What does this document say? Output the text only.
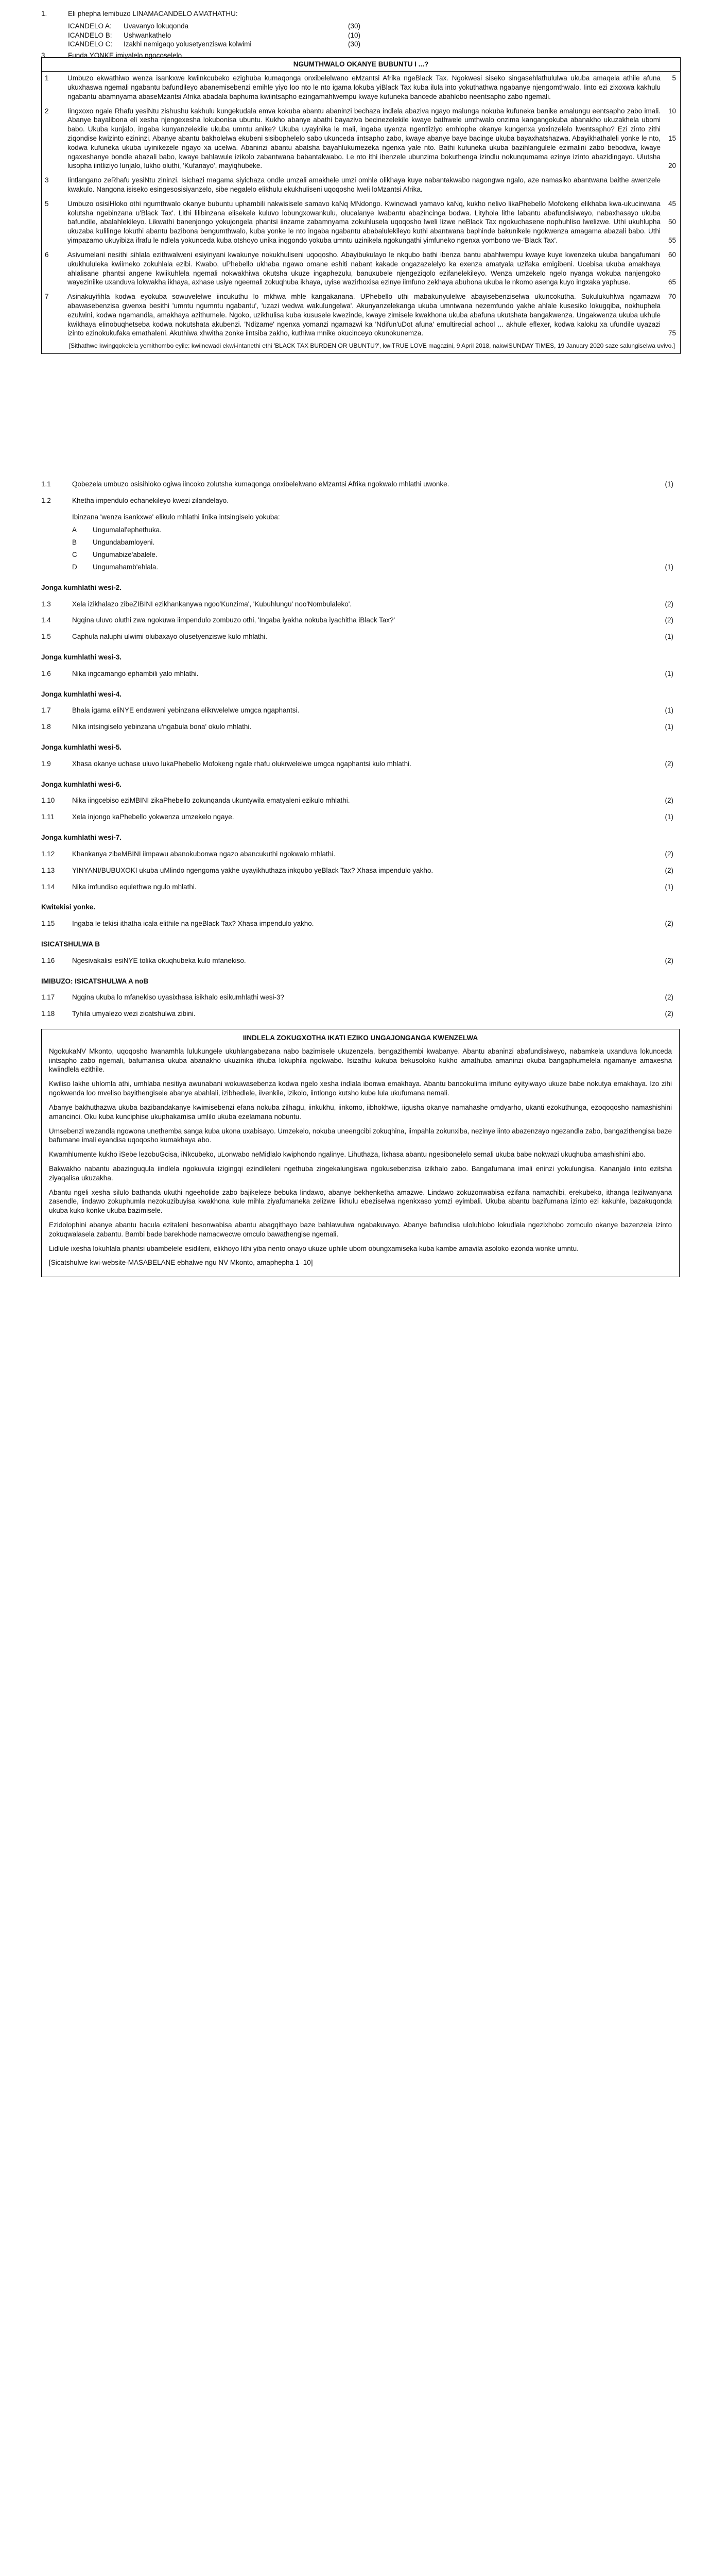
1.	Eli phepha lemibuzo LINAMACANDELO AMATHATHU:
ICANDELO A:	Uvavanyo lokuqonda	(30)
ICANDELO B:	Ushwankathelo	(10)
ICANDELO C:	Izakhi nemigaqo yolusetyenziswa kolwimi	(30)
3.	Funda YONKE imiyalelo ngocoselelo.
NGUMTHWALO OKANYE BUBUNTU I ...?
1	Umbuzo ekwathiwo wenza isankxwe kwiinkcubeko ezighuba kumaqonga onxibelelwano eMzantsi Afrika ngeBlack Tax. Ngokwesi siseko singasehlathululwa ukuba amaqela athile afuna ukuxhaswa ngemali ngabantu bafundileyo abanemisebenzi emihle yiyo loo nto le nto igama lokuba yiBlack Tax kuba ilula into yokuthathwa ngabanye njengomthwalo. Iinto ezi zixoxwa kakhulu ngabantu abamnyama abaseMzantsi Afrika abadala baphuma kwiintsapho ezingamahlwempu kwaye kufuneka bancede abahlobo neentsapho zabo ngemali.
5
2	Iingxoxo ngale Rhafu yesiNtu zishushu kakhulu kungekudala emva kokuba abantu abaninzi bechaza indlela abaziva ngayo malunga nokuba kufuneka banike amalungu eentsapho zabo imali. Abanye bayalibona eli xesha njengexesha lokubonisa ubuntu. Kukho abanye abathi bayaziva becinezelekile kwaye bathwele umthwalo onzima kangangokuba abanakho ukuzakhela ubomi babo. Ukuba kunjalo, ingaba kunyanzelekile ukuba umntu anike? Ukuba uyayinika le mali, ingaba uyenza ngentliziyo emhlophe okanye kungenxa yoxinzelelo lwentsapho? Ezi zinto zithi ziqondise kwizinto ezininzi. Abanye abantu bakholelwa ekubeni sisibophelelo sabo ukunceda iintsapho zabo, kwaye abanye baye bacinge ukuba bayaxhatshazwa. Abayikhathaleli yonke le nto, kodwa kufuneka ukuba uyinikezele ngayo xa ucelwa. Abaninzi abantu abatsha bayahlukumezeka ngenxa yale nto. Bathi kufuneka ukuba bazihlangulele ezimalini zabo bebodwa, kwaye ngaxeshanye bondle abazali babo, kwaye bahlawule izikolo zabantwana babantakwabo. Le nto ithi ibenzele ubunzima bokuthenga izindlu nokunqumama ezinye izinto abazidingayo. Ulutsha lusopha iintliziyo lunjalo, lukho oluthi, 'Kufanayo', mayiqhubeke.
10
15
20
3	Iintlangano zeRhafu yesiNtu zininzi. Isichazi magama siyichaza ondle umzali amakhele umzi omhle olikhaya kuye nabantakwabo nagongwa ngalo, aze namasiko abantwana baithe awenzele kwakulo. Nangona isiseko esingesosisiyanzelo, sibe negalelo elikhulu ekukhuliseni uqoqosho lweli loMzantsi Afrika.
5	Umbuzo osisiHloko othi ngumthwalo okanye bubuntu uphambili nakwisisele samavo kaNq MNdongo. Kwincwadi yamavo kaNq, kukho nelivo likaPhebello Mofokeng elikhaba kwa-ukucinwana kolutsha ngebinzana u'Black Tax'. Lithi lilibinzana elisekele kuluvo lobungxowankulu, olucalanye lwabantu abazincinga bodwa. Lityhola lithe labantu abafundisiweyo, nabaxhasayo ukuba bafundile, abalahlekileyo. Likwathi banenjongo yokujongela phantsi iinzame zabamnyama zokuhlusela uqoqosho lweli lizwe neBlack Tax ngokuchasene nophuhliso lwelizwe. Uthi ukuhlupha ukuzaba kulilinge lokuthi abantu bazibona bengumthwalo, kuba yonke le nto ingaba ngabantu ababalulekileyo kuthi abantwana baphinde bakunikele ngokwenza amagama abazali babo. Uthi yimpazamo ukuyibiza ifrafu le ndlela yokunceda kuba otshoyo unika inqgondo yokuba umntu uzinikela ngokungathi yimfuneko ngenxa yombono we-'Black Tax'.
45
50
55
6	Asivumelani nesithi sihlala ezithwalweni esiyinyani kwakunye nokukhuliseni uqoqosho. Abayibukulayo le nkqubo bathi ibenza bantu abahlwempu kwaye kuye kwenzeka ukuba bangafumani ukukhululeka kwiimeko zokuhlala ezibi. Kwabo, uPhebello ukhaba ngawo omane eshiti nabant kakade ongazazelelyo ka exenza amatyala uzifaka emigibeni. Ucebisa ukuba amakhaya ahlalisane phantsi angene kwiikuhlela ngemali nokwakhiwa okutsha ukuze ingaphezulu, banuxubele njengeziqolo ezifanelekileyo. Wenza umzekelo ngelo nyanga wokuba nanjengoko wayeziniike uxanduva lokwakha ikhaya, axhase usiye ngeemali zokuqhuba ikhaya, uyise wazirhoxisa ezinye iimfuno zekhaya abuhona ukuba le nkomo asenga kuyo ingxaka yaphuse.
60
65
7	Asinakuyifihla kodwa eyokuba sowuvelelwe iincukuthu lo mkhwa mhle kangakanana. UPhebello uthi mabakunyulelwe abayisebenziselwa ukuncokutha. Sukulukuhlwa ngamazwi abawasebenzisa gwenxa besithi 'umntu ngumntu ngabantu', 'uzazi wedwa wakulungelwa'. Akunyanzelekanga ukuba umntwana nezemfundo yakhe ahlale kusesiko lokugqiba, nokhuphela ezulwini, kodwa ngamandla, amakhaya azithumele. Ngoko, uzikhulisa kuba kususele kwezinde, kwaye zimisele kwakhona ukuba abafuna ukutshata bangakwenza. Ungakwenza ukuba ukhule kwikhaya elinobuqhetseba kodwa nokutshata akubenzi. 'Ndizame' ngenxa yomanzi ngamazwi ka 'Ndifun'uDot afuna' emultirecial achool ... akhule eflexer, kodwa kaloku xa ufundile uyazazi izinto ezinokukufaka emathaleni. Akuthiwa xhwitha zonke iintsiba zakho, kuthiwa mnike okucinceyo okunokunemza.
70
75
[Sithathwe kwingqokelela yemithombo eyile: kwiincwadi ekwi-intanethi ethi 'BLACK TAX BURDEN OR UBUNTU?', kwiTRUE LOVE magazini, 9 April 2018, nakwiSUNDAY TIMES, 19 January 2020 saze salungiselwa uvivo.]
1.1	Qobezela umbuzo osisihloko ogiwa iincoko zolutsha kumaqonga onxibelelwano eMzantsi Afrika ngokwalo mhlathi uwonke.	(1)
1.2	Khetha impendulo echanekileyo kwezi zilandelayo.
Ibinzana 'wenza isankxwe' elikulo mhlathi linika intsingiselo yokuba:
A	Ungumalal'ephethuka.
B	Ungundabamloyeni.
C	Ungumabize'abalele.
D	Ungumahamb'ehlala.	(1)
Jonga kumhlathi wesi-2.
1.3	Xela izikhalazo zibeZIBINI ezikhankanywa ngoo'Kunzima', 'Kubuhlungu' noo'Nombulaleko'.	(2)
1.4	Ngqina uluvo oluthi zwa ngokuwa iimpendulo zombuzo othi, 'Ingaba iyakha nokuba iyachitha iBlack Tax?'	(2)
1.5	Caphula naluphi ulwimi olubaxayo olusetyenziswe kulo mhlathi.	(1)
Jonga kumhlathi wesi-3.
1.6	Nika ingcamango ephambili yalo mhlathi.	(1)
Jonga kumhlathi wesi-4.
1.7	Bhala igama eliNYE endaweni yebinzana elikrwelelwe umgca ngaphantsi.	(1)
1.8	Nika intsingiselo yebinzana u'ngabula bona' okulo mhlathi.	(1)
Jonga kumhlathi wesi-5.
1.9	Xhasa okanye uchase uluvo lukaPhebello Mofokeng ngale rhafu olukrwelelwe umgca ngaphantsi kulo mhlathi.	(2)
Jonga kumhlathi wesi-6.
1.10	Nika iingcebiso eziMBINI zikaPhebello zokunqanda ukuntywila ematyaleni ezikulo mhlathi.	(2)
1.11	Xela injongo kaPhebello yokwenza umzekelo ngaye.	(1)
Jonga kumhlathi wesi-7.
1.12	Khankanya zibeMBINI iimpawu abanokubonwa ngazo abancukuthi ngokwalo mhlathi.	(2)
1.13	YINYANI/BUBUXOKI ukuba uMlindo ngengoma yakhe uyayikhuthaza inkqubo yeBlack Tax? Xhasa impendulo yakho.	(2)
1.14	Nika imfundiso equlethwe ngulo mhlathi.	(1)
Kwitekisi yonke.
1.15	Ingaba le tekisi ithatha icala elithile na ngeBlack Tax? Xhasa impendulo yakho.	(2)
ISICATSHULWA B
1.16	Ngesivakalisi esiNYE tolika okuqhubeka kulo mfanekiso.	(2)
IMIBUZO: ISICATSHULWA A noB
1.17	Ngqina ukuba lo mfanekiso uyasixhasa isikhalo esikumhlathi wesi-3?	(2)
1.18	Tyhila umyalezo wezi zicatshulwa zibini.	(2)
IINDLELA ZOKUGXOTHA IKATI EZIKO UNGAJONGANGA KWENZELWA

NgokukaNV Mkonto, uqoqosho lwanamhla lulukungele ukuhlangabezana nabo bazimisele ukuzenzela, bengazithembi kwabanye. Abantu abaninzi abafundisiweyo, nabamkela uxanduva lokunceda iintsapho zabo ngemali, bafumanisa ukuba abanakho ukuzinika ithuba lokuphila ngokwabo. Isizathu kukuba bekusoloko kukho amathuba amaninzi okuba bangaphumelela ngamanye amaxesha kwiindlela ezithile.

Kwiliso lakhe uhlomla athi, umhlaba nesitiya awunabani wokuwasebenza kodwa ngelo xesha indlala ibonwa emakhaya. Abantu bancokulima imifuno eyityiwayo ukuze babe nokutya emakhaya. Izo zihi ngokwenda loo mveliso bayithengisele abanye abahlali, izibhedlele, iivenkile, izikolo, iintlongo kutsho kube lula ukufumana nemali.

Abanye bakhuthazwa ukuba bazibandakanye kwimisebenzi efana nokuba zilhagu, iinkukhu, iinkomo, iibhokhwe, iigusha okanye namahashe omdyarho, ukanti ezokuthunga, ezoqoqosho namashishini amancinci. Oku kuba kunciphise ukuphakamisa umlilo ukuba ezelamana nobuntu.

Umsebenzi wezandla ngowona unethemba sanga kuba ukona uxabisayo. Umzekelo, nokuba uneengcibi zokuqhina, iimpahla zokunxiba, nezinye iinto abazenzayo ngezandla zabo, bangazithengisa baze bafumane imali eyandisa uqoqosho kumakhaya abo.

Kwamhlumente kukho iSebe lezobuGcisa, iNkcubeko, uLonwabo neMidlalo kwiphondo ngalinye. Lihuthaza, lixhasa abantu ngesibonelelo semali ukuba babe nokwazi ukuqhuba amashishini abo.

Bakwakho nabantu abazinguqula iindlela ngokuvula izigingqi ezindileleni ngethuba zingekalungiswa ngokusebenzisa izikhalo zabo. Bangafumana imali eninzi yokulungisa. Kananjalo iinto ezitsha ziyaqalisa ukuzakha.

Abantu ngeli xesha silulo bathanda ukuthi ngeeholide zabo bajikeleze bebuka lindawo, abanye bekhenketha amazwe. Lindawo zokuzonwabisa ezifana namachibi, erekubeko, ithanga lezilwanyana zasendle, lindawo zokuphumla nezokuzibuyisa kwakhona kule mihla ziyafumaneka zelizwe likhulu ebeziselwa ngenkxaso yomzi eyimbali. Ukuba abantu bazifumana izinto ezi kakuhle, bazakuqonda ukuba kuko konke ukuba bazimisele.

Ezidolophini abanye abantu bacula ezitaleni besonwabisa abantu abagqithayo baze bahlawulwa ngabakuvayo. Abanye bafundisa uloluhlobo lokudlala ngezixhobo zomculo okanye bazenzela izinto zokuqwalasela zabantu. Bambi bade barekhode namacwecwe omculo bawathengise ngemali.

Lidlule ixesha lokuhlala phantsi ubambelele esidileni, elikhoyo lithi yiba nento onayo ukuze uphile ubom obungxamiseka kuba kambe amavila asoloko ezonda wonke umntu.

[Sicatshulwe kwi-website-MASABELANE ebhalwe ngu NV Mkonto, amaphepha 1–10]
